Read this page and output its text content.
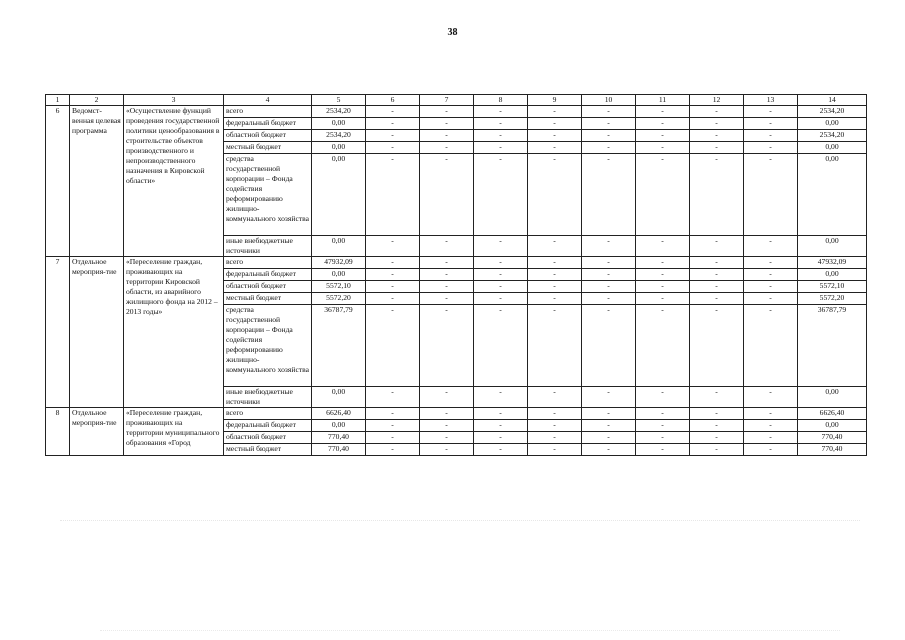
38
1	2	3	4	5	6	7	8	9	10	11	12	13	14
6	Ведомст-венная целевая программа	«Осуществление функций проведения государственной политики ценообразования в строительстве объектов производственного и непроизводственного назначения в Кировской области»	всего	2534,20	-	-	-	-	-	-	-	-	2534,20
			федеральный бюджет	0,00	-	-	-	-	-	-	-	-	0,00
			областной бюджет	2534,20	-	-	-	-	-	-	-	-	2534,20
			местный бюджет	0,00	-	-	-	-	-	-	-	-	0,00
			средства государственной корпорации – Фонда содействия реформированию жилищно-коммунального хозяйства	0,00	-	-	-	-	-	-	-	-	0,00
			иные внебюджетные источники	0,00	-	-	-	-	-	-	-	-	0,00
7	Отдельное мероприя-тие	«Переселение граждан, проживающих на территории Кировской области, из аварийного жилищного фонда на 2012 – 2013 годы»	всего	47932,09	-	-	-	-	-	-	-	-	47932,09
			федеральный бюджет	0,00	-	-	-	-	-	-	-	-	0,00
			областной бюджет	5572,10	-	-	-	-	-	-	-	-	5572,10
			местный бюджет	5572,20	-	-	-	-	-	-	-	-	5572,20
			средства государственной корпорации – Фонда содействия реформированию жилищно-коммунального хозяйства	36787,79	-	-	-	-	-	-	-	-	36787,79
			иные внебюджетные источники	0,00	-	-	-	-	-	-	-	-	0,00
8	Отдельное мероприя-тие	«Переселение граждан, проживающих на территории муниципального образования «Город	всего	6626,40	-	-	-	-	-	-	-	-	6626,40
			федеральный бюджет	0,00	-	-	-	-	-	-	-	-	0,00
			областной бюджет	770,40	-	-	-	-	-	-	-	-	770,40
			местный бюджет	770,40	-	-	-	-	-	-	-	-	770,40
